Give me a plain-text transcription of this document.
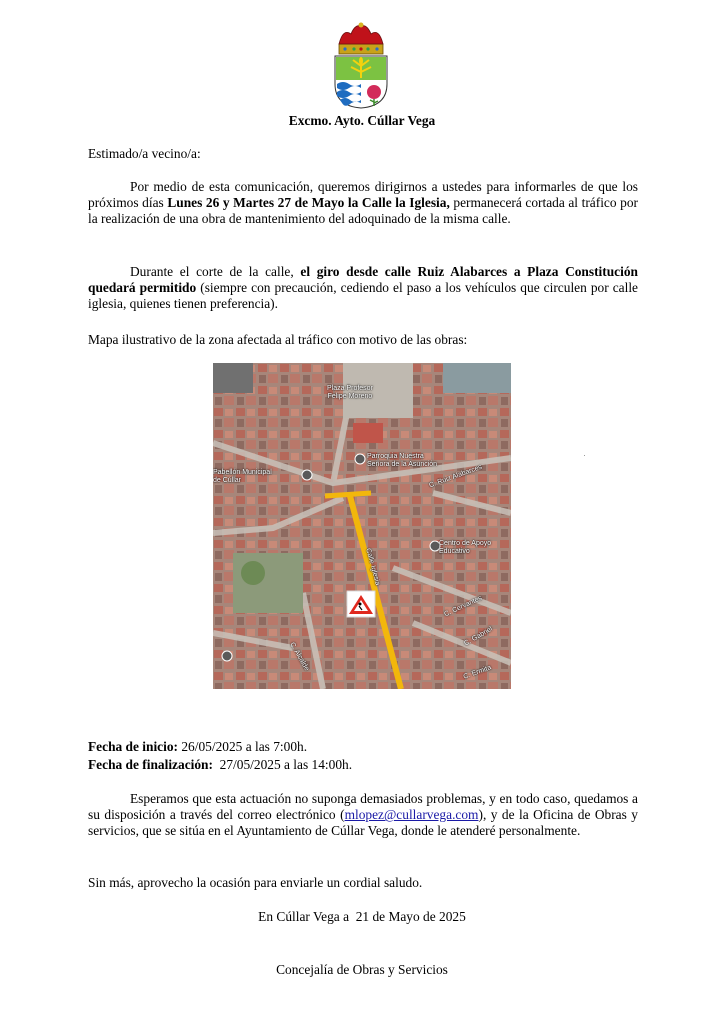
Excmo. Ayto. Cúllar Vega
Estimado/a vecino/a:
Por medio de esta comunicación, queremos dirigirnos a ustedes para informarles de que los próximos días Lunes 26 y Martes 27 de Mayo la Calle la Iglesia, permanecerá cortada al tráfico por la realización de una obra de mantenimiento del adoquinado de la misma calle.
Durante el corte de la calle, el giro desde calle Ruiz Alabarces a Plaza Constitución quedará permitido (siempre con precaución, cediendo el paso a los vehículos que circulen por calle iglesia, quienes tienen preferencia).
Mapa ilustrativo de la zona afectada al tráfico con motivo de las obras:
Plaza Profesor
Felipe Moreno
Parroquia Nuestra
Señora de la Asunción
Pabellón Municipal
de Cúllar
Centro de Apoyo
Educativo
C. Ruiz Alabarces
Calle Iglesia
C. Cervantes
C. Gabriel
C. Alcalde
C. Ermita
Fecha de inicio: 26/05/2025 a las 7:00h.
Fecha de finalización:  27/05/2025 a las 14:00h.
Esperamos que esta actuación no suponga demasiados problemas, y en todo caso, quedamos a su disposición a través del correo electrónico (mlopez@cullarvega.com), y de la Oficina de Obras y servicios, que se sitúa en el Ayuntamiento de Cúllar Vega, donde le atenderé personalmente.
Sin más, aprovecho la ocasión para enviarle un cordial saludo.
En Cúllar Vega a  21 de Mayo de 2025
Concejalía de Obras y Servicios
